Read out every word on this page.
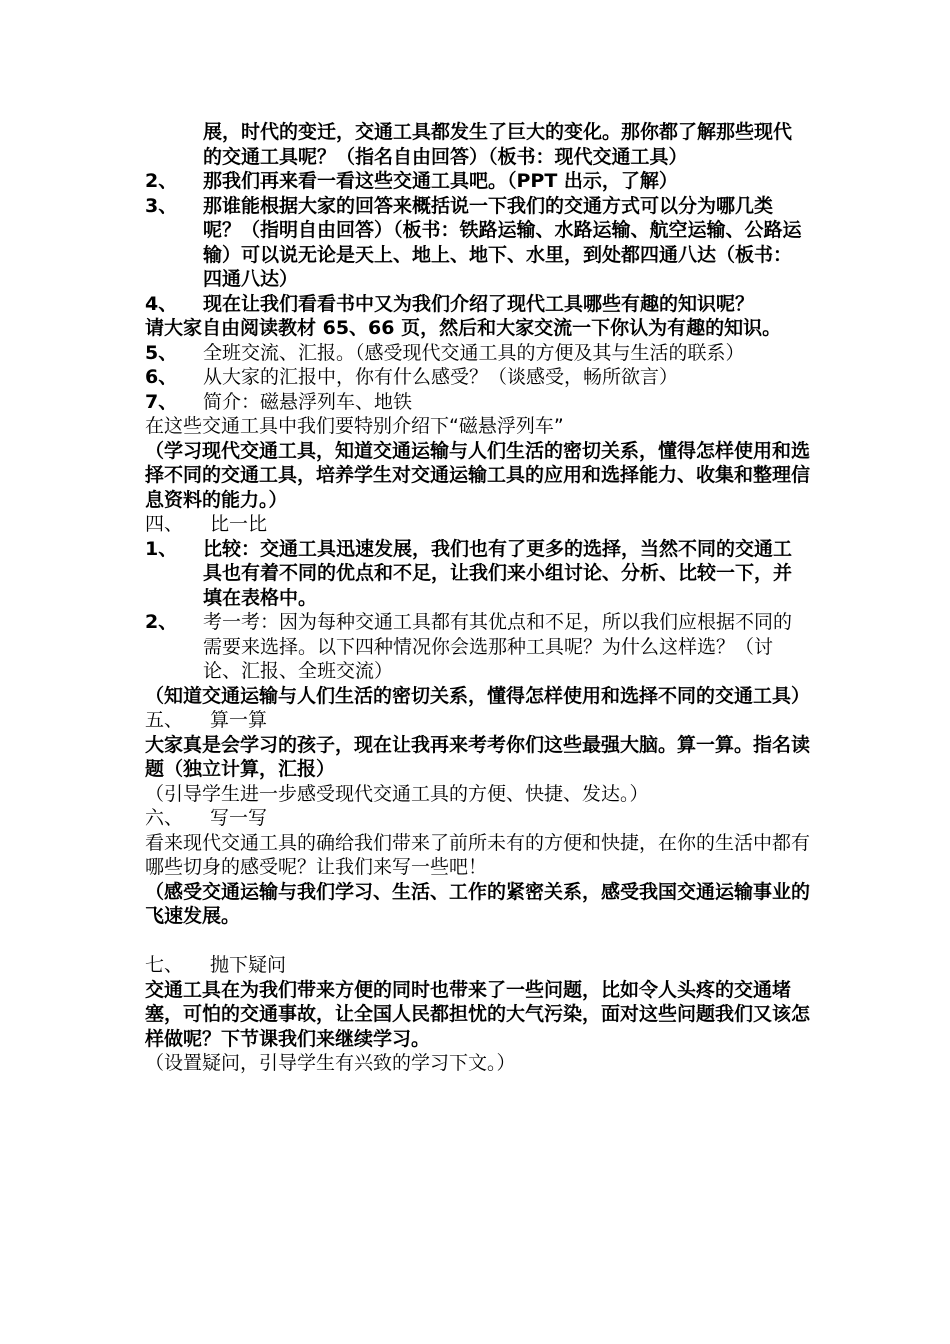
展，时代的变迁，交通工具都发生了巨大的变化。那你都了解那些现代的交通工具呢？（指名自由回答）（板书：现代交通工具）

2、	那我们再来看一看这些交通工具吧。（PPT 出示，了解）
3、	那谁能根据大家的回答来概括说一下我们的交通方式可以分为哪几类呢？（指明自由回答）（板书：铁路运输、水路运输、航空运输、公路运输）可以说无论是天上、地上、地下、水里，到处都四通八达（板书：四通八达）
4、	现在让我们看看书中又为我们介绍了现代工具哪些有趣的知识呢？

请大家自由阅读教材 65、66 页，然后和大家交流一下你认为有趣的知识。

5、	全班交流、汇报。（感受现代交通工具的方便及其与生活的联系）
6、	从大家的汇报中，你有什么感受？（谈感受，畅所欲言）
7、	简介：磁悬浮列车、地铁

在这些交通工具中我们要特别介绍下“磁悬浮列车”

（学习现代交通工具，知道交通运输与人们生活的密切关系，懂得怎样使用和选择不同的交通工具，培养学生对交通运输工具的应用和选择能力、收集和整理信息资料的能力。）

四、 比一比

1、	比较：交通工具迅速发展，我们也有了更多的选择，当然不同的交通工具也有着不同的优点和不足，让我们来小组讨论、分析、比较一下，并填在表格中。
2、	考一考：因为每种交通工具都有其优点和不足，所以我们应根据不同的需要来选择。以下四种情况你会选那种工具呢？为什么这样选？（讨论、汇报、全班交流）

（知道交通运输与人们生活的密切关系，懂得怎样使用和选择不同的交通工具）

五、 算一算

大家真是会学习的孩子，现在让我再来考考你们这些最强大脑。算一算。指名读题（独立计算，汇报）

（引导学生进一步感受现代交通工具的方便、快捷、发达。）

六、 写一写

看来现代交通工具的确给我们带来了前所未有的方便和快捷，在你的生活中都有哪些切身的感受呢？让我们来写一些吧！

（感受交通运输与我们学习、生活、工作的紧密关系，感受我国交通运输事业的飞速发展。

七、 抛下疑问

交通工具在为我们带来方便的同时也带来了一些问题，比如令人头疼的交通堵塞，可怕的交通事故，让全国人民都担忧的大气污染，面对这些问题我们又该怎样做呢？下节课我们来继续学习。

（设置疑问，引导学生有兴致的学习下文。）
